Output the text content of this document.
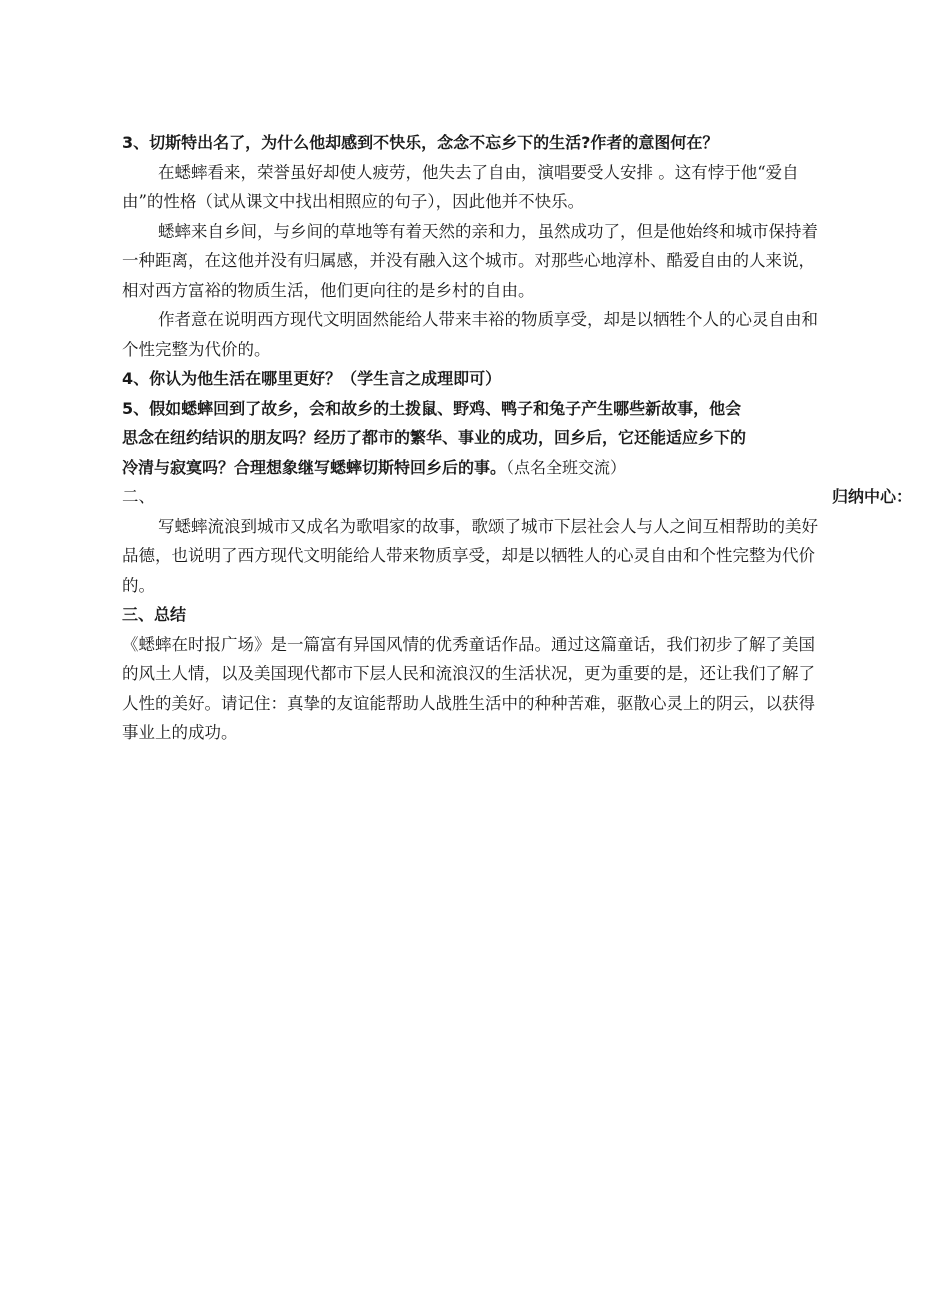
3、切斯特出名了，为什么他却感到不快乐，念念不忘乡下的生活?作者的意图何在？

在蟋蟀看来，荣誉虽好却使人疲劳，他失去了自由，演唱要受人安排 。这有悖于他“爱自由”的性格（试从课文中找出相照应的句子），因此他并不快乐。

蟋蟀来自乡间，与乡间的草地等有着天然的亲和力，虽然成功了，但是他始终和城市保持着一种距离，在这他并没有归属感，并没有融入这个城市。对那些心地淳朴、酷爱自由的人来说，相对西方富裕的物质生活，他们更向往的是乡村的自由。

作者意在说明西方现代文明固然能给人带来丰裕的物质享受，却是以牺牲个人的心灵自由和个性完整为代价的。

4、你认为他生活在哪里更好？（学生言之成理即可）

5、假如蟋蟀回到了故乡，会和故乡的土拨鼠、野鸡、鸭子和兔子产生哪些新故事，他会

思念在纽约结识的朋友吗？经历了都市的繁华、事业的成功，回乡后，它还能适应乡下的

冷清与寂寞吗？合理想象继写蟋蟀切斯特回乡后的事。（点名全班交流）

二、	归纳中心：

写蟋蟀流浪到城市又成名为歌唱家的故事，歌颂了城市下层社会人与人之间互相帮助的美好品德，也说明了西方现代文明能给人带来物质享受，却是以牺牲人的心灵自由和个性完整为代价的。

三、总结

《蟋蟀在时报广场》是一篇富有异国风情的优秀童话作品。通过这篇童话，我们初步了解了美国的风土人情，以及美国现代都市下层人民和流浪汉的生活状况，更为重要的是，还让我们了解了人性的美好。请记住：真挚的友谊能帮助人战胜生活中的种种苦难，驱散心灵上的阴云，以获得事业上的成功。
